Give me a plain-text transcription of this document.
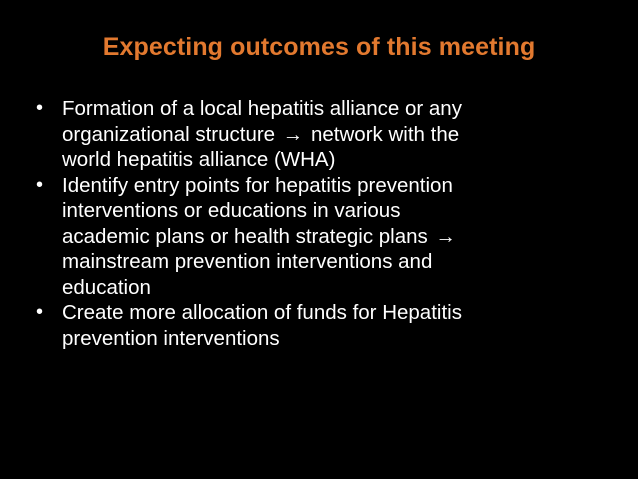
Expecting outcomes of this meeting
• Formation of a local hepatitis alliance or any
organizational structure → network with the
world hepatitis alliance (WHA)
• Identify entry points for hepatitis prevention
interventions or educations in various
academic plans or health strategic plans →
mainstream prevention interventions and
education
• Create more allocation of funds for Hepatitis
prevention interventions
